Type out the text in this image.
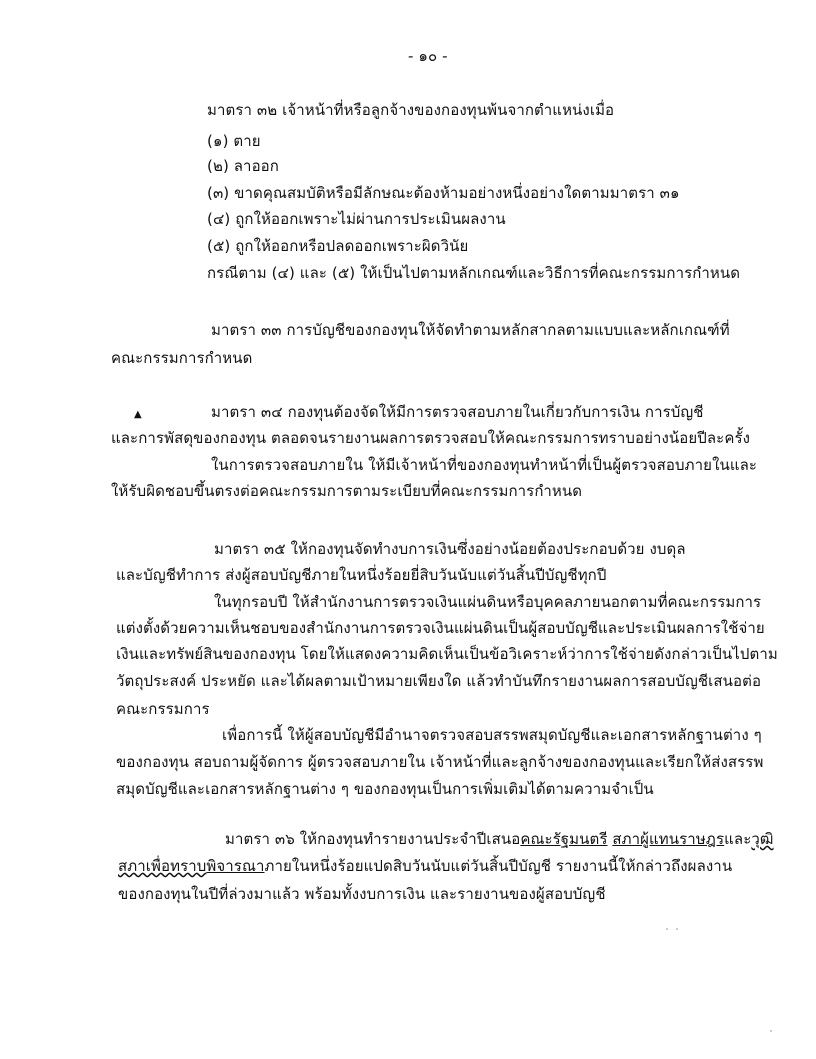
- ๑๐ -
มาตรา ๓๒ เจ้าหน้าที่หรือลูกจ้างของกองทุนพ้นจากตำแหน่งเมื่อ
(๑) ตาย
(๒) ลาออก
(๓) ขาดคุณสมบัติหรือมีลักษณะต้องห้ามอย่างหนึ่งอย่างใดตามมาตรา ๓๑
(๔) ถูกให้ออกเพราะไม่ผ่านการประเมินผลงาน
(๕) ถูกให้ออกหรือปลดออกเพราะผิดวินัย
กรณีตาม (๔) และ (๕) ให้เป็นไปตามหลักเกณฑ์และวิธีการที่คณะกรรมการกำหนด
มาตรา ๓๓ การบัญชีของกองทุนให้จัดทำตามหลักสากลตามแบบและหลักเกณฑ์ที่
คณะกรรมการกำหนด
▲	มาตรา ๓๔ กองทุนต้องจัดให้มีการตรวจสอบภายในเกี่ยวกับการเงิน การบัญชี
และการพัสดุของกองทุน ตลอดจนรายงานผลการตรวจสอบให้คณะกรรมการทราบอย่างน้อยปีละครั้ง
ในการตรวจสอบภายใน ให้มีเจ้าหน้าที่ของกองทุนทำหน้าที่เป็นผู้ตรวจสอบภายในและ
ให้รับผิดชอบขึ้นตรงต่อคณะกรรมการตามระเบียบที่คณะกรรมการกำหนด
มาตรา ๓๕ ให้กองทุนจัดทำงบการเงินซึ่งอย่างน้อยต้องประกอบด้วย งบดุล
และบัญชีทำการ ส่งผู้สอบบัญชีภายในหนึ่งร้อยยี่สิบวันนับแต่วันสิ้นปีบัญชีทุกปี
ในทุกรอบปี ให้สำนักงานการตรวจเงินแผ่นดินหรือบุคคลภายนอกตามที่คณะกรรมการ
แต่งตั้งด้วยความเห็นชอบของสำนักงานการตรวจเงินแผ่นดินเป็นผู้สอบบัญชีและประเมินผลการใช้จ่าย
เงินและทรัพย์สินของกองทุน โดยให้แสดงความคิดเห็นเป็นข้อวิเคราะห์ว่าการใช้จ่ายดังกล่าวเป็นไปตาม
วัตถุประสงค์ ประหยัด และได้ผลตามเป้าหมายเพียงใด แล้วทำบันทึกรายงานผลการสอบบัญชีเสนอต่อ
คณะกรรมการ
เพื่อการนี้ ให้ผู้สอบบัญชีมีอำนาจตรวจสอบสรรพสมุดบัญชีและเอกสารหลักฐานต่าง ๆ
ของกองทุน สอบถามผู้จัดการ ผู้ตรวจสอบภายใน เจ้าหน้าที่และลูกจ้างของกองทุนและเรียกให้ส่งสรรพ
สมุดบัญชีและเอกสารหลักฐานต่าง ๆ ของกองทุนเป็นการเพิ่มเติมได้ตามความจำเป็น
มาตรา ๓๖ ให้กองทุนทำรายงานประจำปีเสนอคณะรัฐมนตรี สภาผู้แทนราษฎรและวุฒิ
สภาเพื่อทราบพิจารณาภายในหนึ่งร้อยแปดสิบวันนับแต่วันสิ้นปีบัญชี รายงานนี้ให้กล่าวถึงผลงาน
ของกองทุนในปีที่ล่วงมาแล้ว พร้อมทั้งงบการเงิน และรายงานของผู้สอบบัญชี
